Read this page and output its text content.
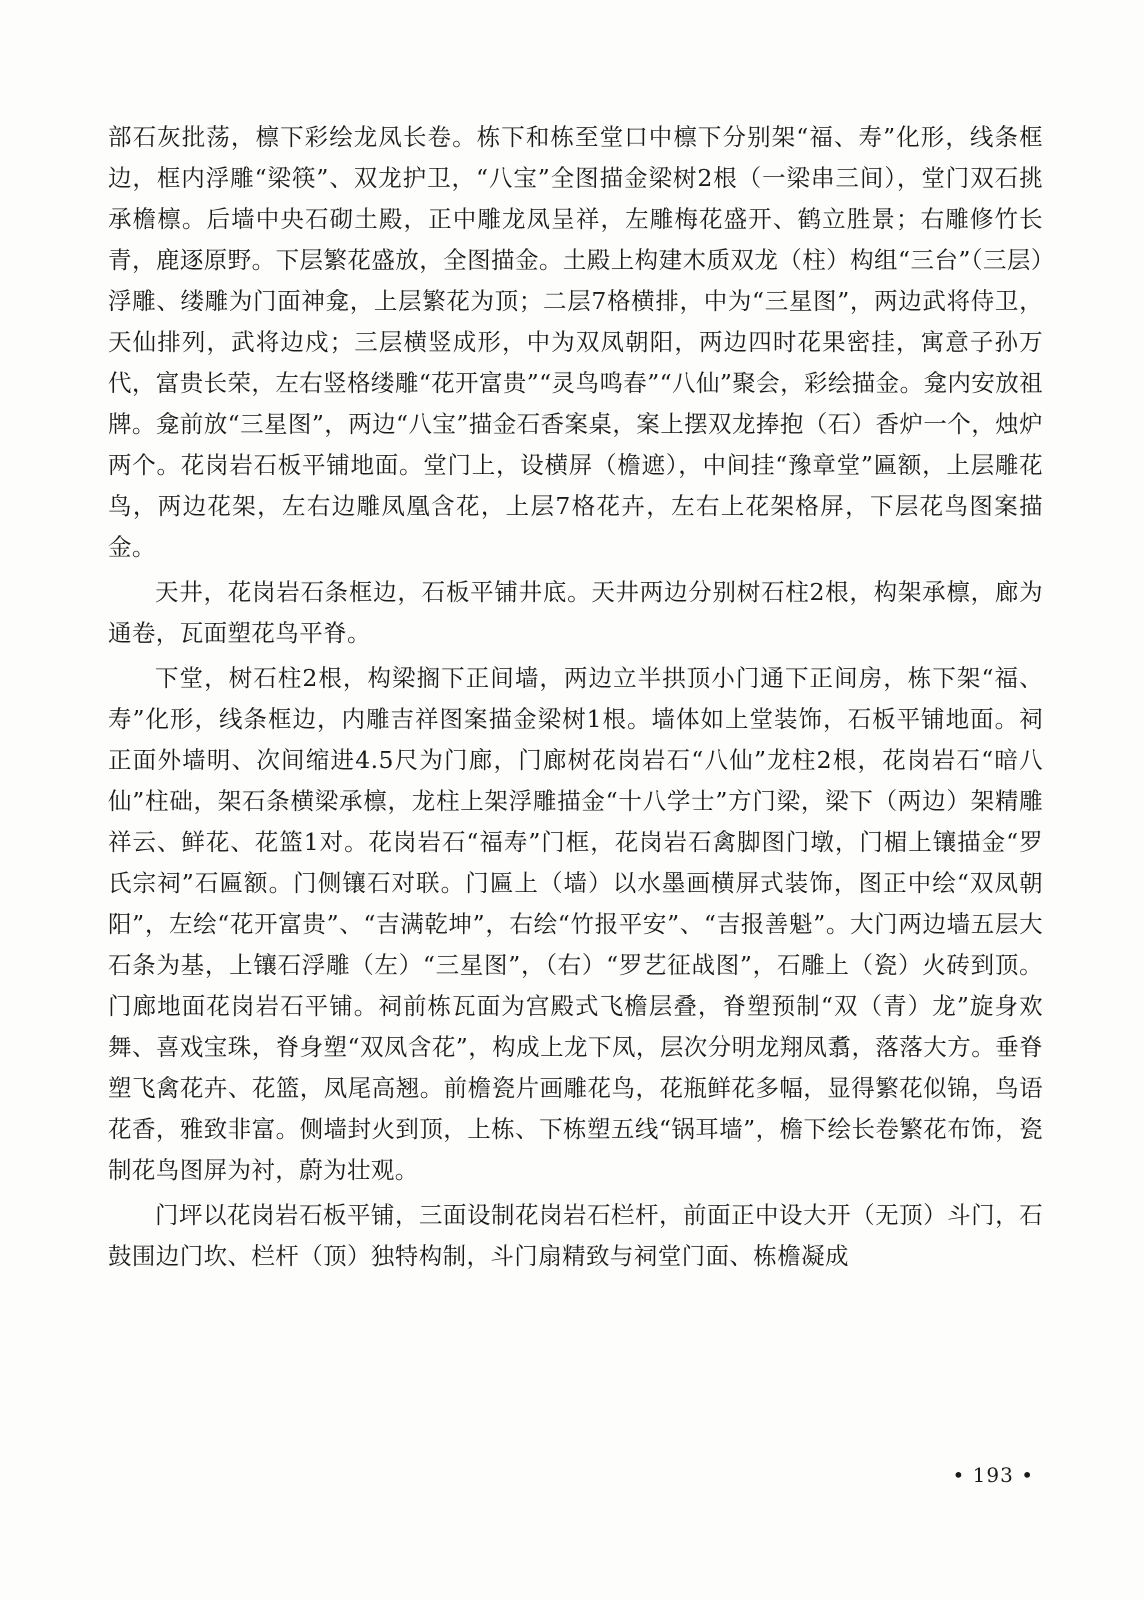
部石灰批荡，檩下彩绘龙凤长卷。栋下和栋至堂口中檩下分别架“福、寿”化形，线条框边，框内浮雕“梁筷”、双龙护卫，“八宝”全图描金梁树2根（一梁串三间），堂门双石挑承檐檩。后墙中央石砌土殿，正中雕龙凤呈祥，左雕梅花盛开、鹤立胜景；右雕修竹长青，鹿逐原野。下层繁花盛放，全图描金。土殿上构建木质双龙（柱）构组“三台”（三层）浮雕、缕雕为门面神龛，上层繁花为顶；二层7格横排，中为“三星图”，两边武将侍卫，天仙排列，武将边戍；三层横竖成形，中为双凤朝阳，两边四时花果密挂，寓意子孙万代，富贵长荣，左右竖格缕雕“花开富贵”“灵鸟鸣春”“八仙”聚会，彩绘描金。龛内安放祖牌。龛前放“三星图”，两边“八宝”描金石香案桌，案上摆双龙捧抱（石）香炉一个，烛炉两个。花岗岩石板平铺地面。堂门上，设横屏（檐遮），中间挂“豫章堂”匾额，上层雕花鸟，两边花架，左右边雕凤凰含花，上层7格花卉，左右上花架格屏，下层花鸟图案描金。

天井，花岗岩石条框边，石板平铺井底。天井两边分别树石柱2根，构架承檩，廊为通卷，瓦面塑花鸟平脊。

下堂，树石柱2根，构梁搁下正间墙，两边立半拱顶小门通下正间房，栋下架“福、寿”化形，线条框边，内雕吉祥图案描金梁树1根。墙体如上堂装饰，石板平铺地面。祠正面外墙明、次间缩进4.5尺为门廊，门廊树花岗岩石“八仙”龙柱2根，花岗岩石“暗八仙”柱础，架石条横梁承檩，龙柱上架浮雕描金“十八学士”方门梁，梁下（两边）架精雕祥云、鲜花、花篮1对。花岗岩石“福寿”门框，花岗岩石禽脚图门墩，门楣上镶描金“罗氏宗祠”石匾额。门侧镶石对联。门匾上（墙）以水墨画横屏式装饰，图正中绘“双凤朝阳”，左绘“花开富贵”、“吉满乾坤”，右绘“竹报平安”、“吉报善魁”。大门两边墙五层大石条为基，上镶石浮雕（左）“三星图”，（右）“罗艺征战图”，石雕上（瓷）火砖到顶。门廊地面花岗岩石平铺。祠前栋瓦面为宫殿式飞檐层叠，脊塑预制“双（青）龙”旋身欢舞、喜戏宝珠，脊身塑“双凤含花”，构成上龙下凤，层次分明龙翔凤翥，落落大方。垂脊塑飞禽花卉、花篮，凤尾高翘。前檐瓷片画雕花鸟，花瓶鲜花多幅，显得繁花似锦，鸟语花香，雅致非富。侧墙封火到顶，上栋、下栋塑五线“锅耳墙”，檐下绘长卷繁花布饰，瓷制花鸟图屏为衬，蔚为壮观。

门坪以花岗岩石板平铺，三面设制花岗岩石栏杆，前面正中设大开（无顶）斗门，石鼓围边门坎、栏杆（顶）独特构制，斗门扇精致与祠堂门面、栋檐凝成

• 193 •
